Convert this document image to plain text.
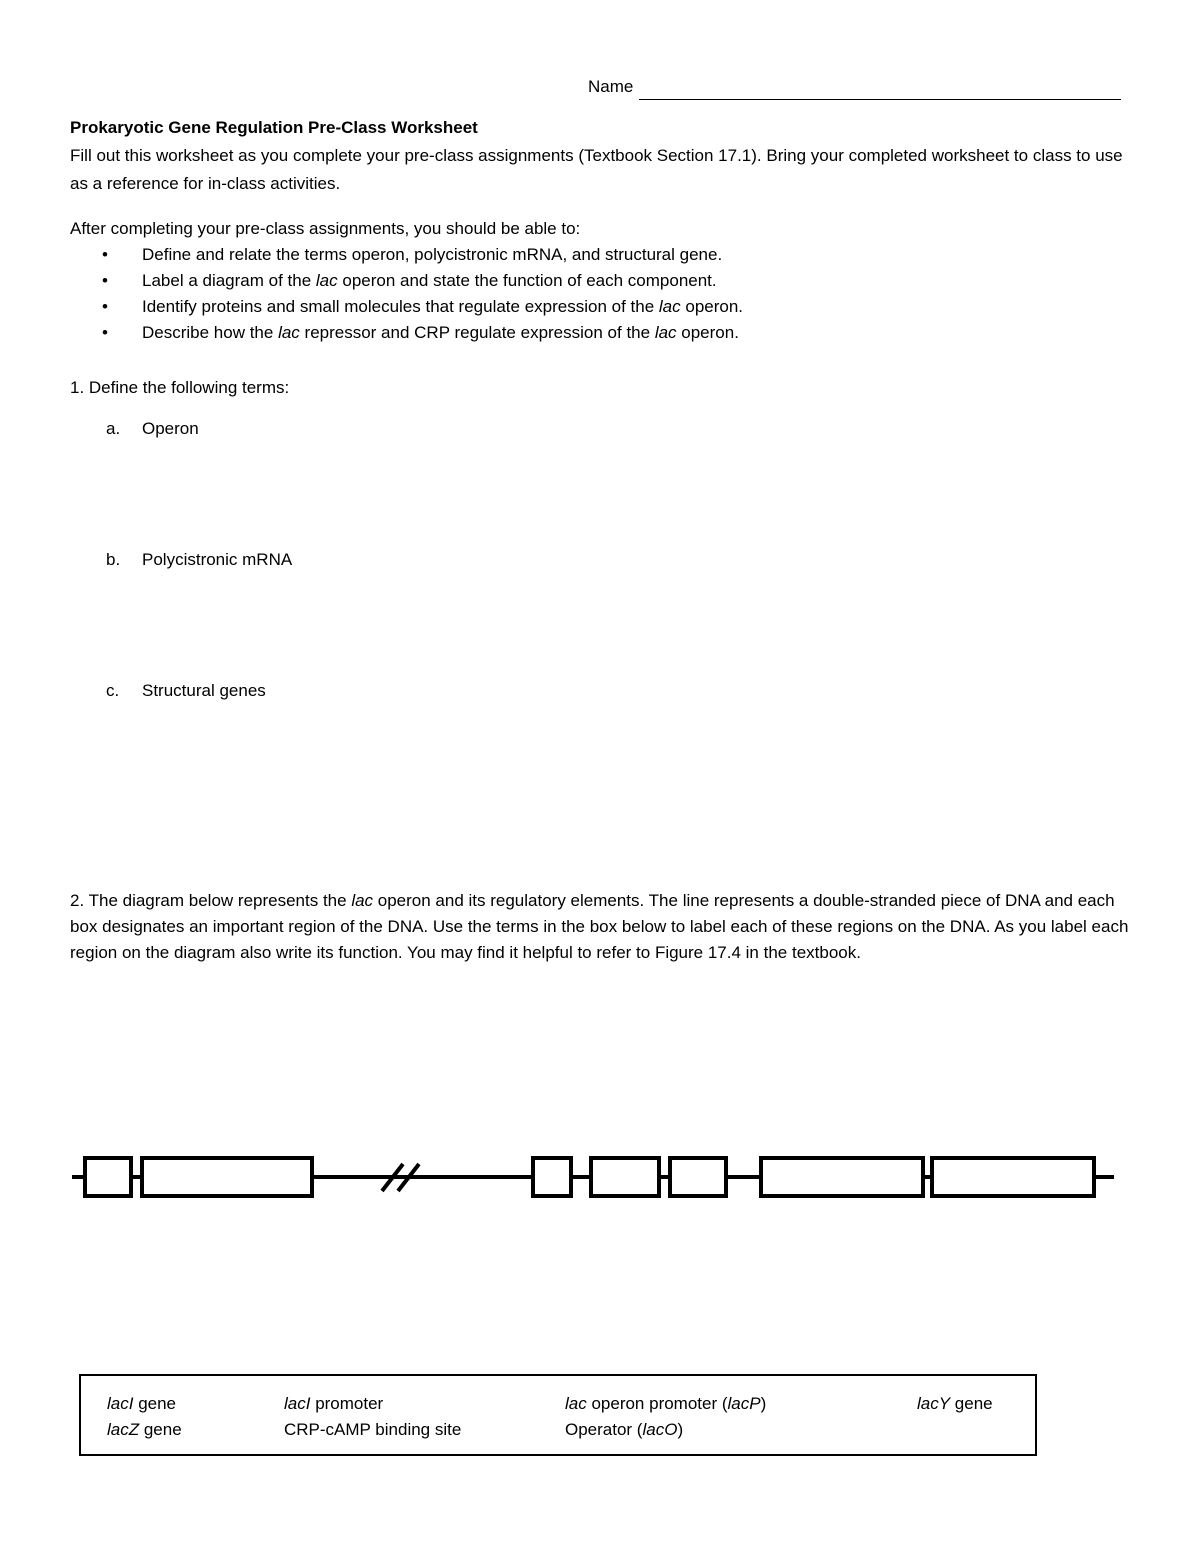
Name
Prokaryotic Gene Regulation Pre-Class Worksheet
Fill out this worksheet as you complete your pre-class assignments (Textbook Section 17.1). Bring your completed worksheet to class to use as a reference for in-class activities.
After completing your pre-class assignments, you should be able to:
• Define and relate the terms operon, polycistronic mRNA, and structural gene.
• Label a diagram of the lac operon and state the function of each component.
• Identify proteins and small molecules that regulate expression of the lac operon.
• Describe how the lac repressor and CRP regulate expression of the lac operon.
1. Define the following terms:
a. Operon
b. Polycistronic mRNA
c. Structural genes
2. The diagram below represents the lac operon and its regulatory elements. The line represents a double-stranded piece of DNA and each box designates an important region of the DNA. Use the terms in the box below to label each of these regions on the DNA. As you label each region on the diagram also write its function. You may find it helpful to refer to Figure 17.4 in the textbook.
lacI gene	lacI promoter	lac operon promoter (lacP)	lacY gene
lacZ gene	CRP-cAMP binding site	Operator (lacO)
